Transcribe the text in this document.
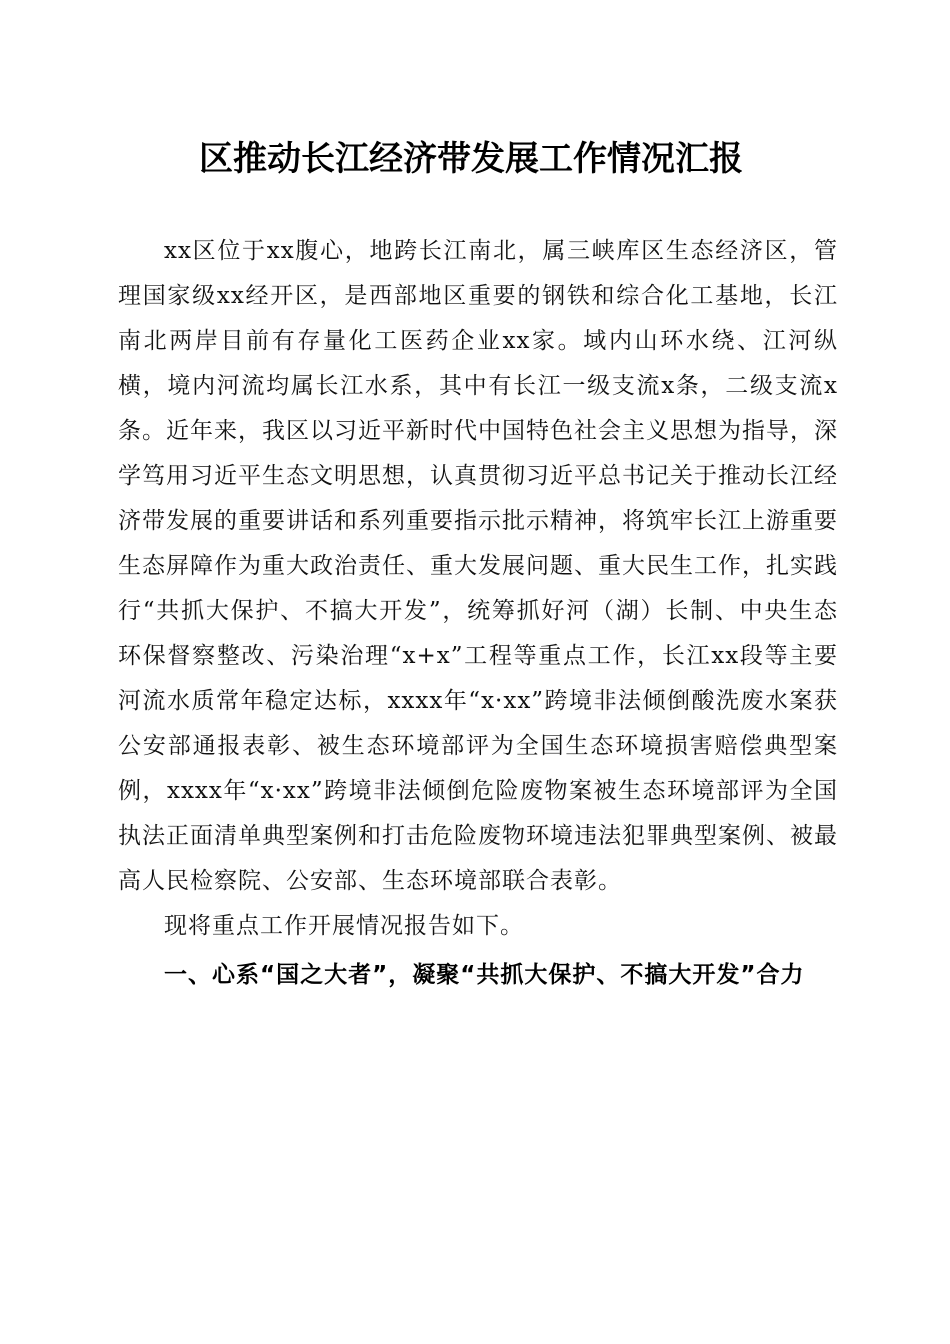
区推动长江经济带发展工作情况汇报

xx区位于xx腹心，地跨长江南北，属三峡库区生态经济区，管理国家级xx经开区，是西部地区重要的钢铁和综合化工基地，长江南北两岸目前有存量化工医药企业xx家。域内山环水绕、江河纵横，境内河流均属长江水系，其中有长江一级支流x条，二级支流x条。近年来，我区以习近平新时代中国特色社会主义思想为指导，深学笃用习近平生态文明思想，认真贯彻习近平总书记关于推动长江经济带发展的重要讲话和系列重要指示批示精神，将筑牢长江上游重要生态屏障作为重大政治责任、重大发展问题、重大民生工作，扎实践行“共抓大保护、不搞大开发”，统筹抓好河（湖）长制、中央生态环保督察整改、污染治理“x+x”工程等重点工作，长江xx段等主要河流水质常年稳定达标，xxxx年“x·xx”跨境非法倾倒酸洗废水案获公安部通报表彰、被生态环境部评为全国生态环境损害赔偿典型案例，xxxx年“x·xx”跨境非法倾倒危险废物案被生态环境部评为全国执法正面清单典型案例和打击危险废物环境违法犯罪典型案例、被最高人民检察院、公安部、生态环境部联合表彰。

现将重点工作开展情况报告如下。

一、心系“国之大者”，凝聚“共抓大保护、不搞大开发”合力
